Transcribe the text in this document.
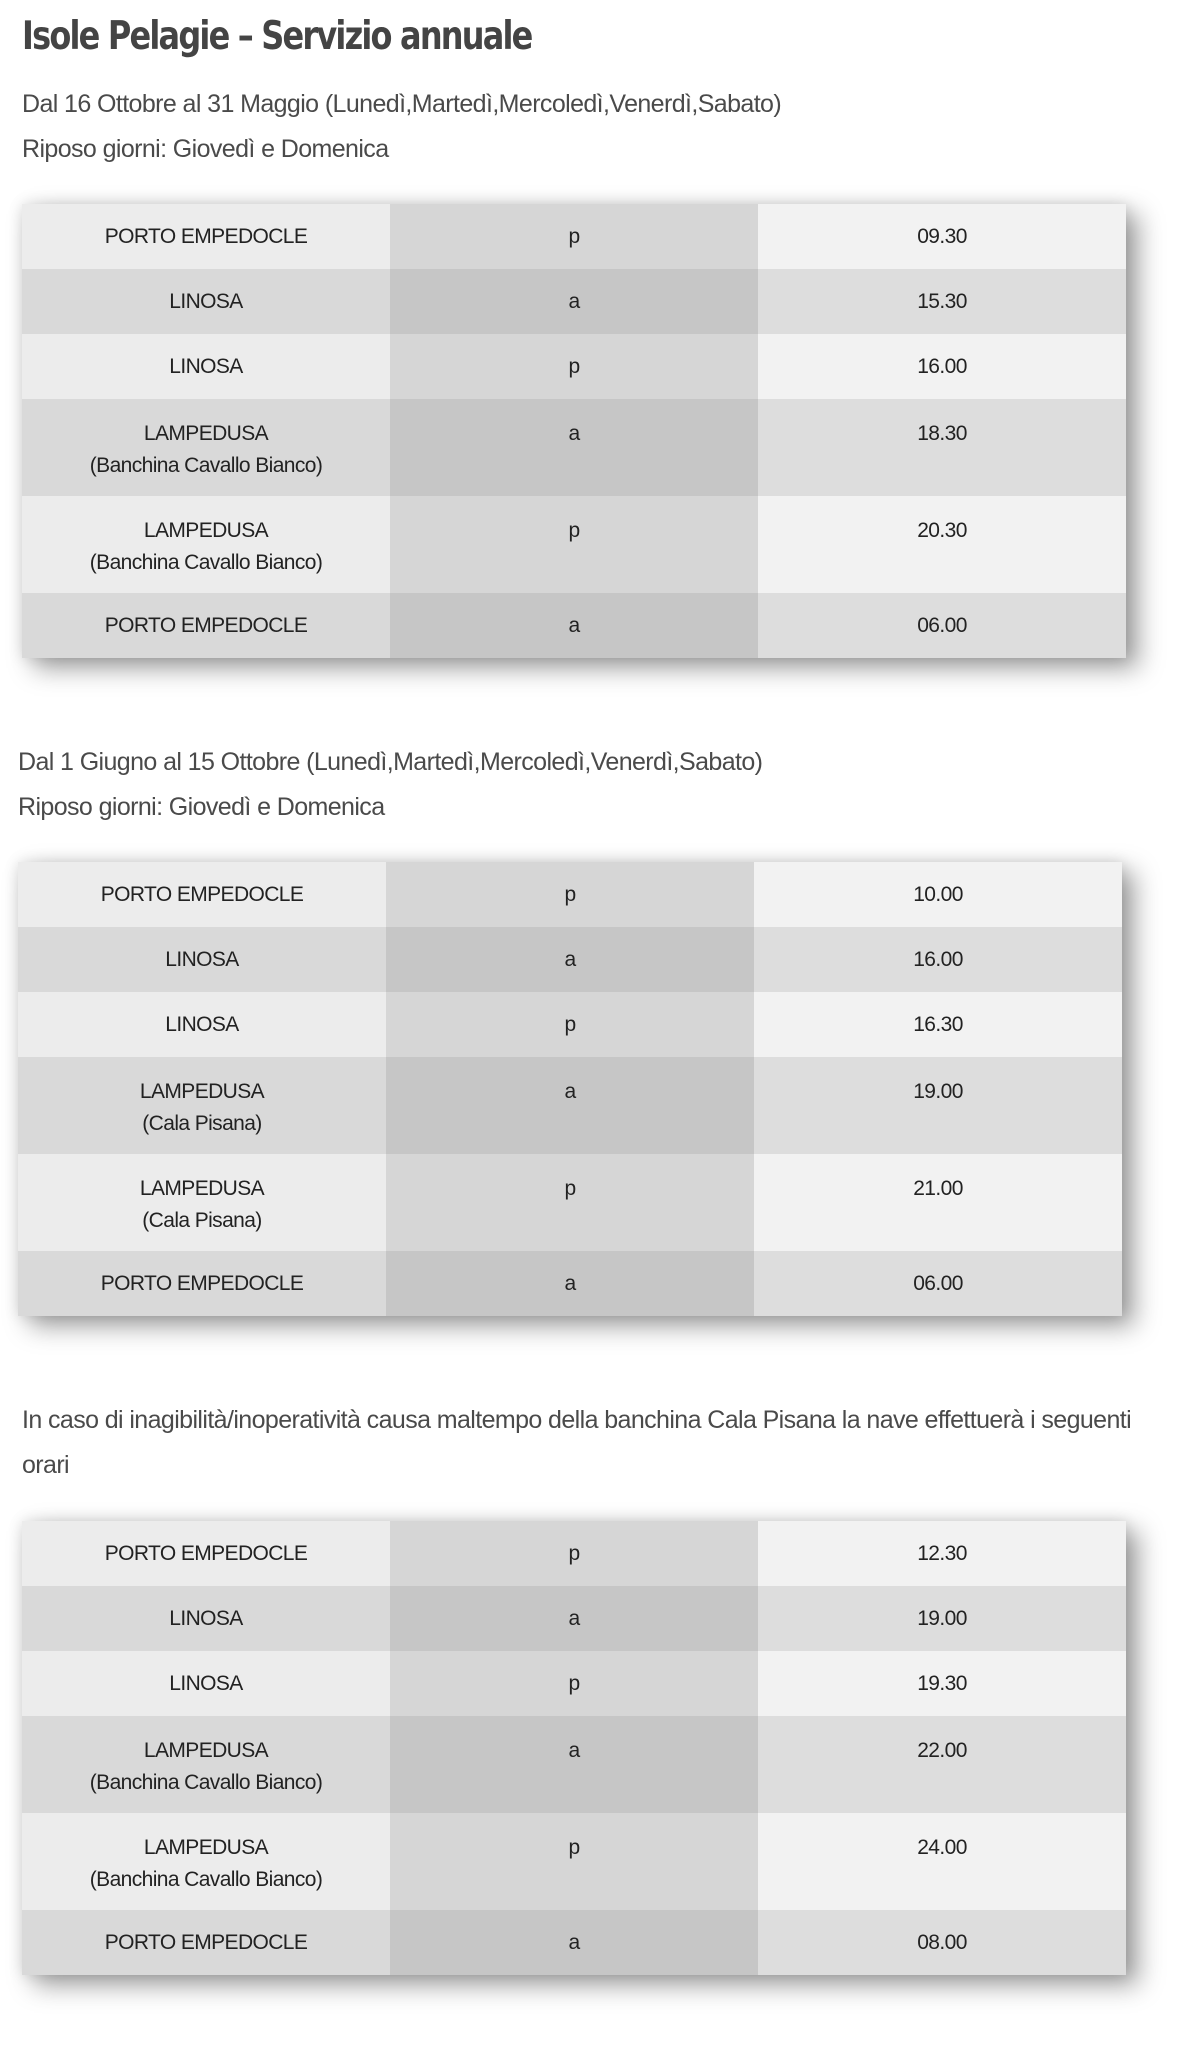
Isole Pelagie – Servizio annuale

Dal 16 Ottobre al 31 Maggio (Lunedì,Martedì,Mercoledì,Venerdì,Sabato)

Riposo giorni: Giovedì e Domenica

PORTO EMPEDOCLE	p	09.30

LINOSA	a	15.30

LINOSA	p	16.00

LAMPEDUSA
(Banchina Cavallo Bianco)	a	18.30

LAMPEDUSA
(Banchina Cavallo Bianco)	p	20.30

PORTO EMPEDOCLE	a	06.00

Dal 1 Giugno al 15 Ottobre (Lunedì,Martedì,Mercoledì,Venerdì,Sabato)

Riposo giorni: Giovedì e Domenica

PORTO EMPEDOCLE	p	10.00

LINOSA	a	16.00

LINOSA	p	16.30

LAMPEDUSA
(Cala Pisana)	a	19.00

LAMPEDUSA
(Cala Pisana)	p	21.00

PORTO EMPEDOCLE	a	06.00

In caso di inagibilità/inoperatività causa maltempo della banchina Cala Pisana la nave effettuerà i seguenti orari

PORTO EMPEDOCLE	p	12.30

LINOSA	a	19.00

LINOSA	p	19.30

LAMPEDUSA
(Banchina Cavallo Bianco)	a	22.00

LAMPEDUSA
(Banchina Cavallo Bianco)	p	24.00

PORTO EMPEDOCLE	a	08.00
